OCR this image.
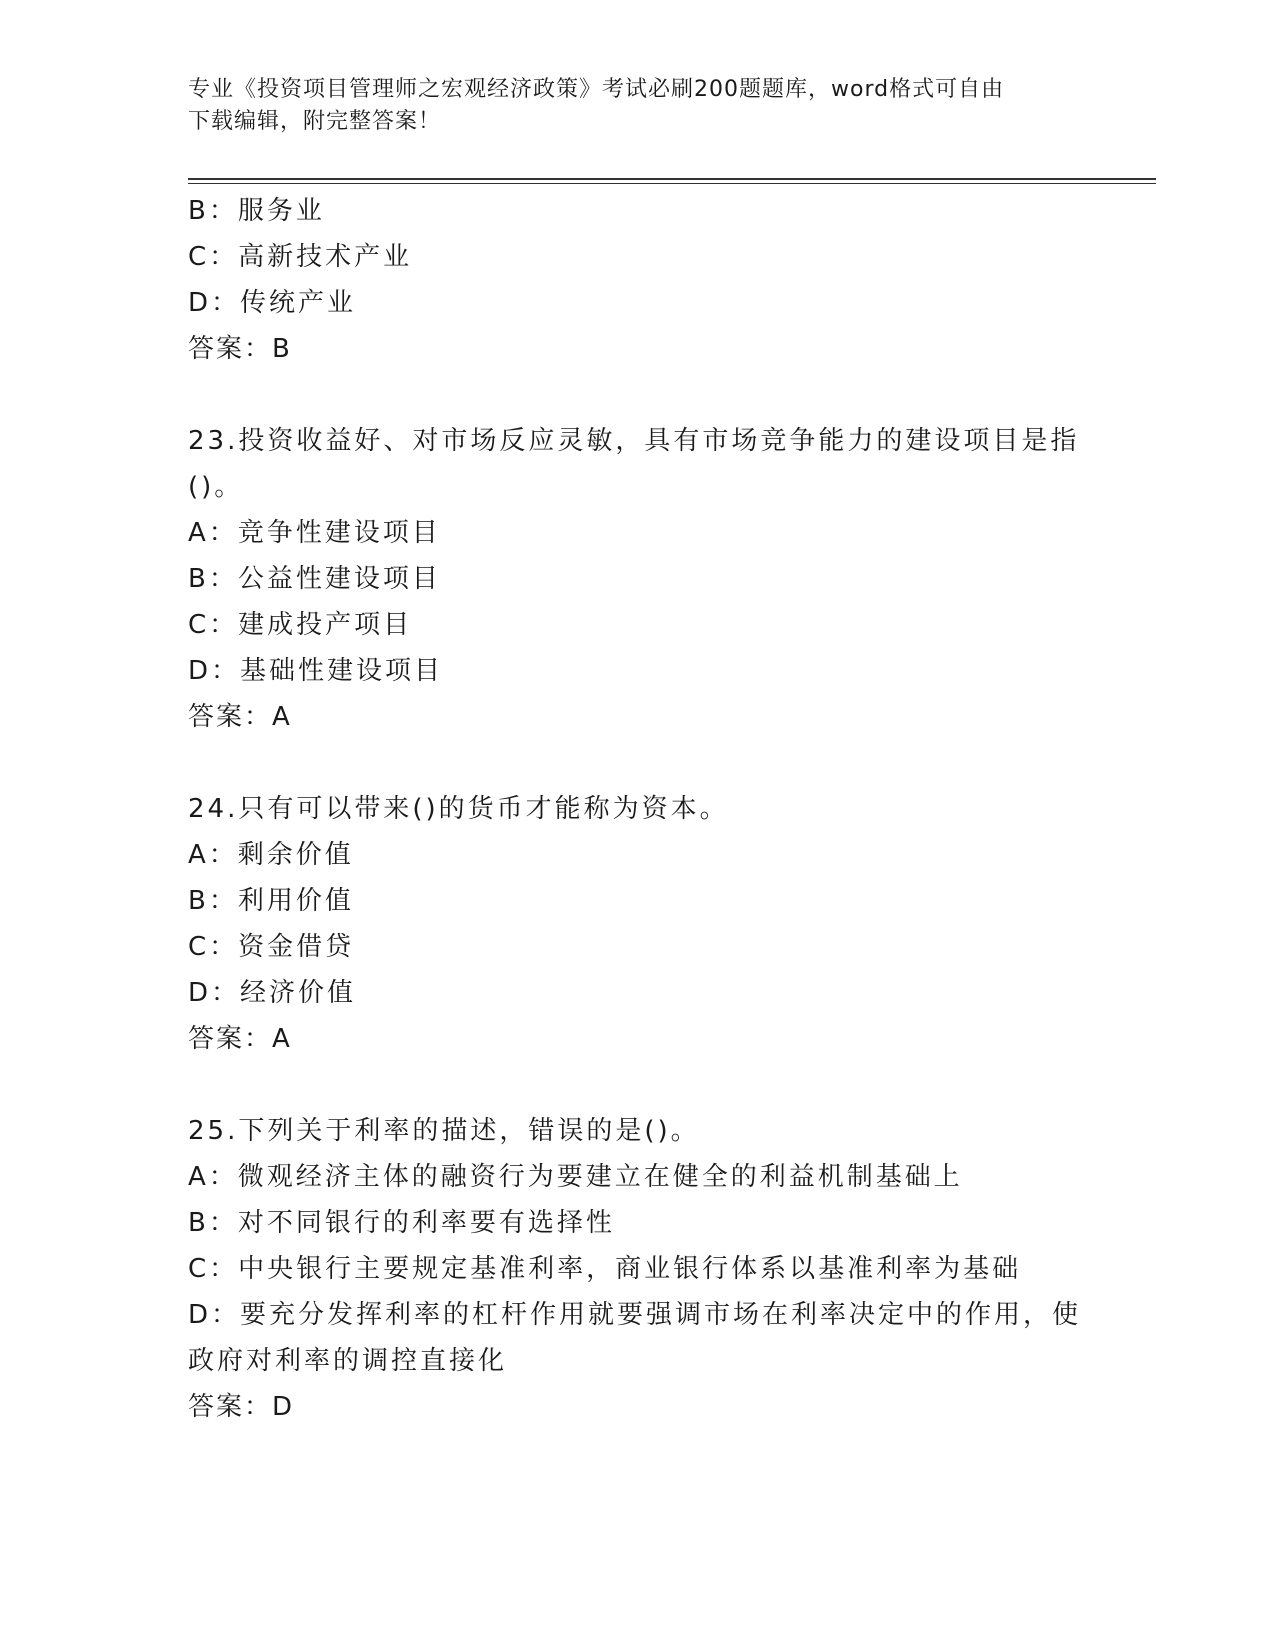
专业《投资项目管理师之宏观经济政策》考试必刷200题题库，word格式可自由
下载编辑，附完整答案！
B：服务业
C：高新技术产业
D：传统产业
答案：B
23.投资收益好、对市场反应灵敏，具有市场竞争能力的建设项目是指
()。
A：竞争性建设项目
B：公益性建设项目
C：建成投产项目
D：基础性建设项目
答案：A
24.只有可以带来()的货币才能称为资本。
A：剩余价值
B：利用价值
C：资金借贷
D：经济价值
答案：A
25.下列关于利率的描述，错误的是()。
A：微观经济主体的融资行为要建立在健全的利益机制基础上
B：对不同银行的利率要有选择性
C：中央银行主要规定基准利率，商业银行体系以基准利率为基础
D：要充分发挥利率的杠杆作用就要强调市场在利率决定中的作用，使
政府对利率的调控直接化
答案：D
